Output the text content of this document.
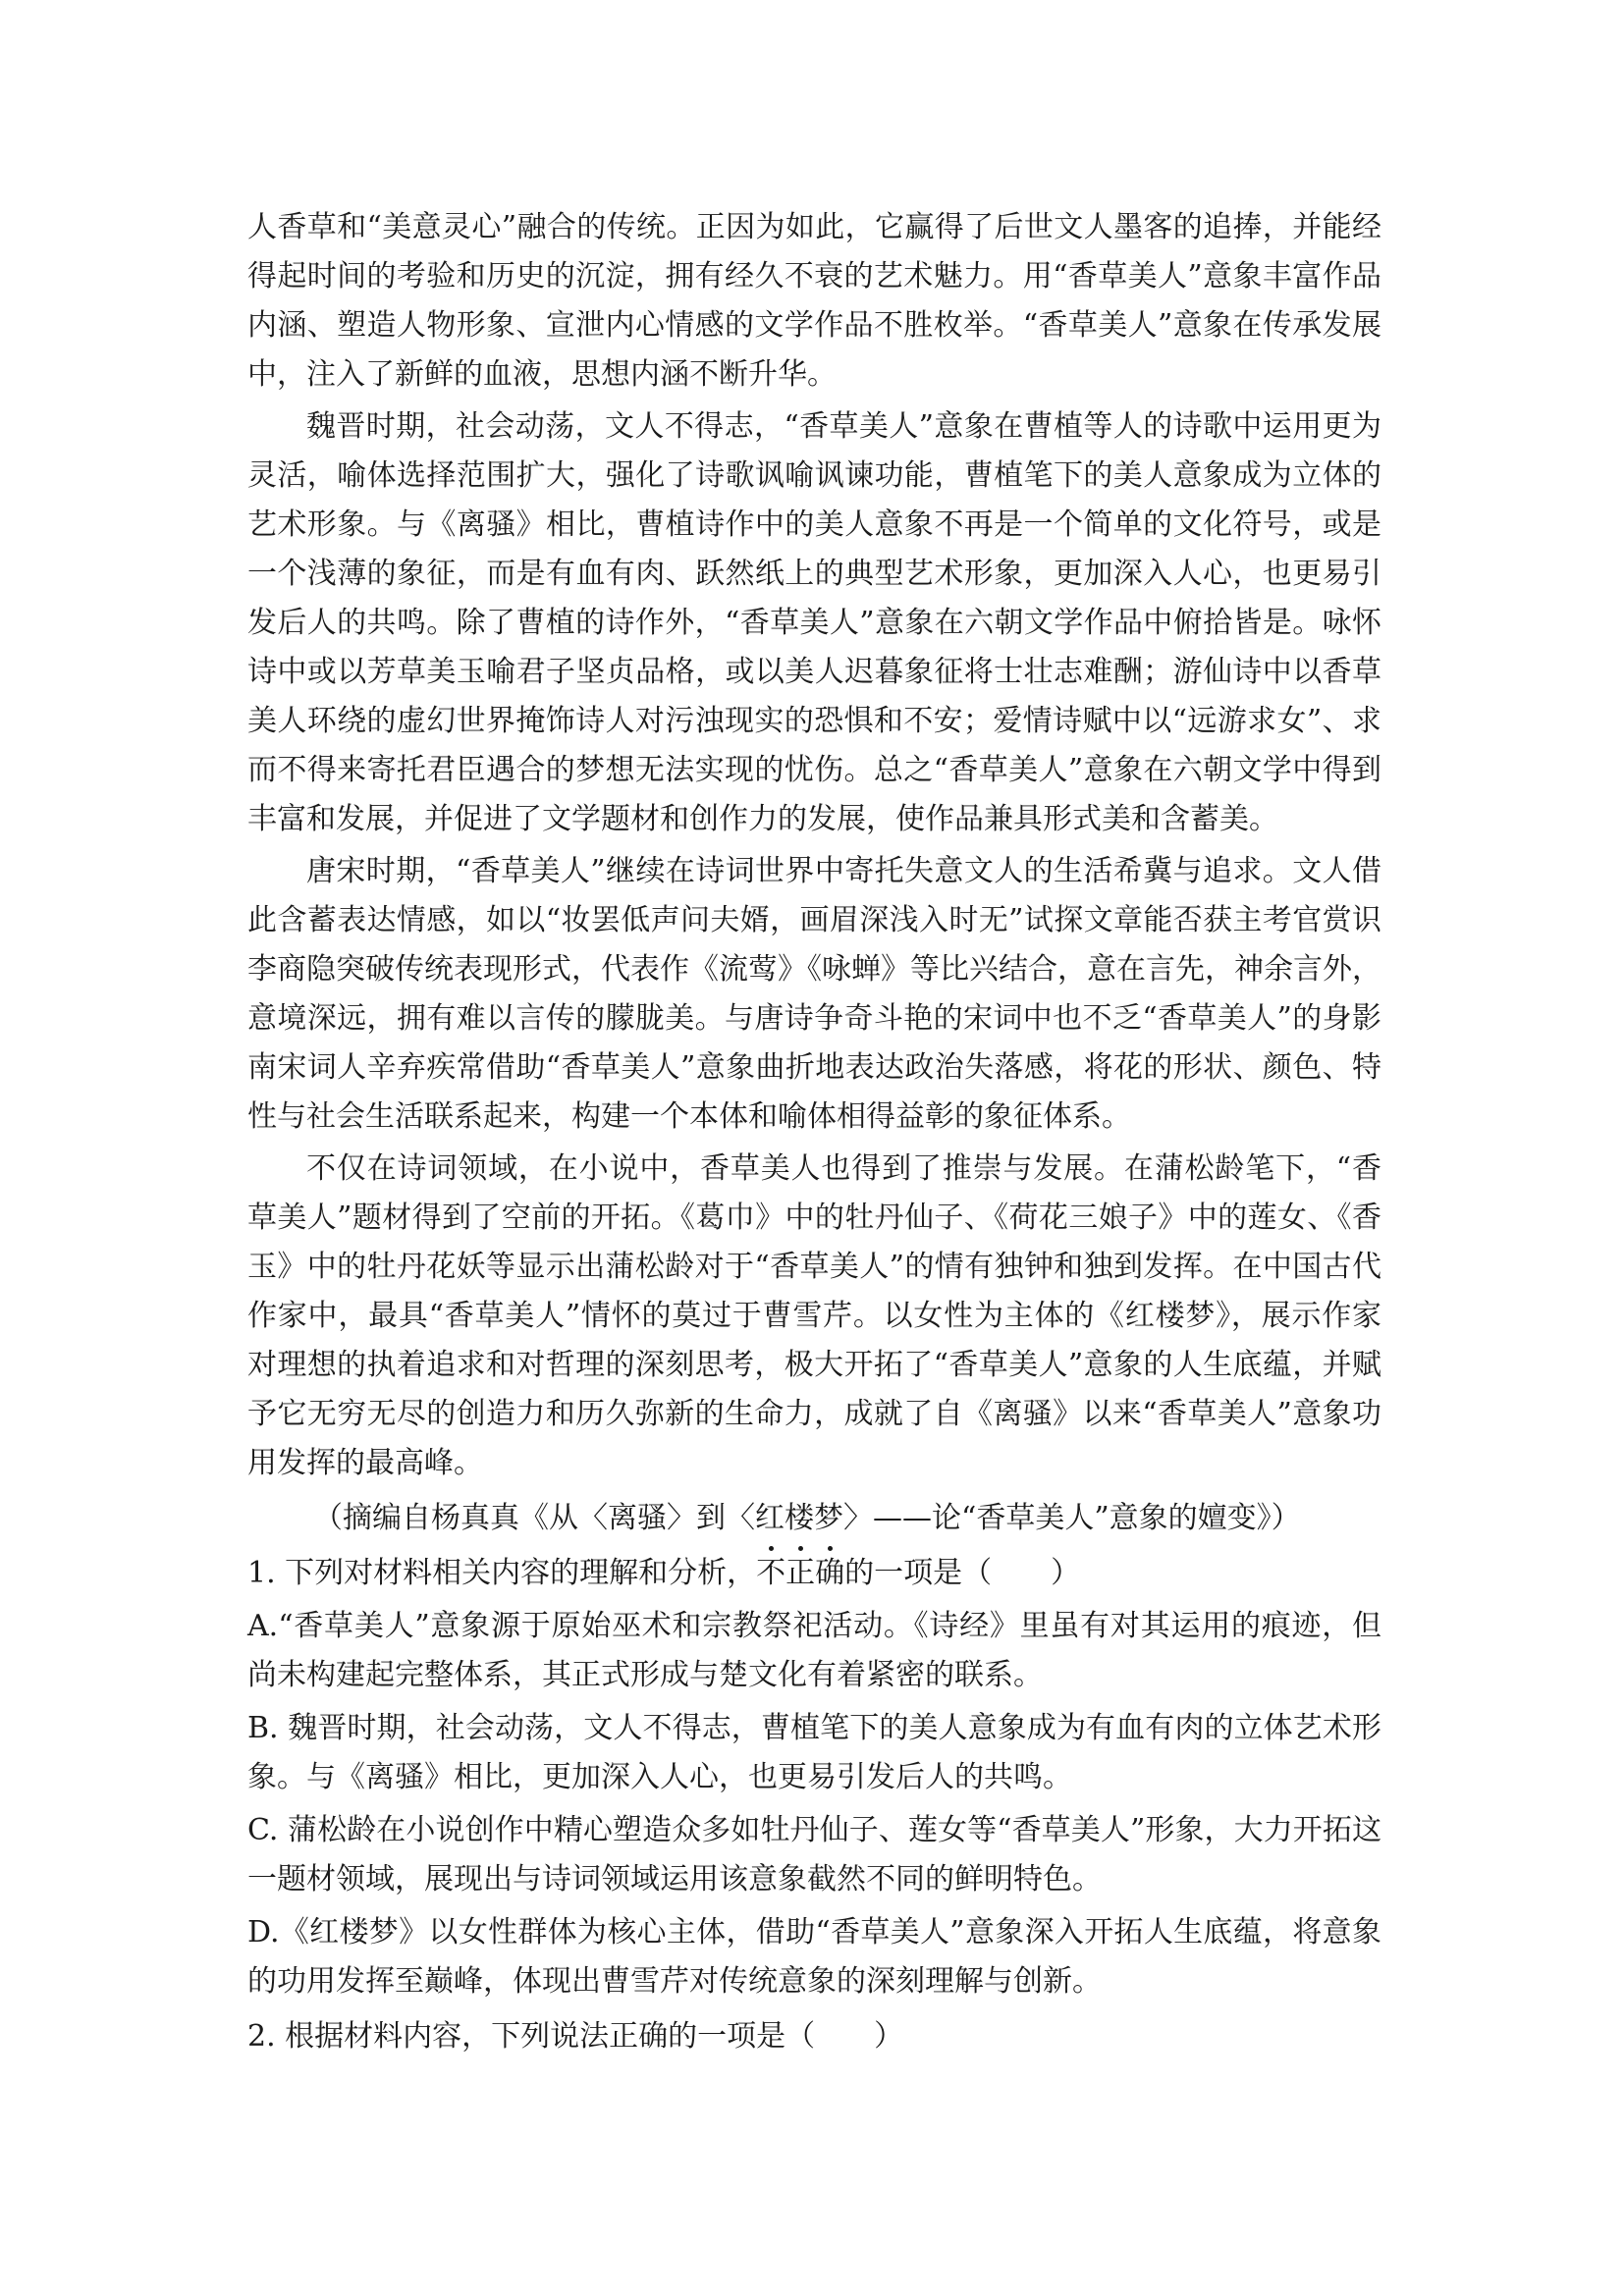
人香草和“美意灵心”融合的传统。正因为如此，它赢得了后世文人墨客的追捧，并能经得起时间的考验和历史的沉淀，拥有经久不衰的艺术魅力。用“香草美人”意象丰富作品内涵、塑造人物形象、宣泄内心情感的文学作品不胜枚举。“香草美人”意象在传承发展中，注入了新鲜的血液，思想内涵不断升华。

魏晋时期，社会动荡，文人不得志，“香草美人”意象在曹植等人的诗歌中运用更为灵活，喻体选择范围扩大，强化了诗歌讽喻讽谏功能，曹植笔下的美人意象成为立体的艺术形象。与《离骚》相比，曹植诗作中的美人意象不再是一个简单的文化符号，或是一个浅薄的象征，而是有血有肉、跃然纸上的典型艺术形象，更加深入人心，也更易引发后人的共鸣。除了曹植的诗作外，“香草美人”意象在六朝文学作品中俯拾皆是。咏怀诗中或以芳草美玉喻君子坚贞品格，或以美人迟暮象征将士壮志难酬；游仙诗中以香草美人环绕的虚幻世界掩饰诗人对污浊现实的恐惧和不安；爱情诗赋中以“远游求女”、求而不得来寄托君臣遇合的梦想无法实现的忧伤。总之“香草美人”意象在六朝文学中得到丰富和发展，并促进了文学题材和创作力的发展，使作品兼具形式美和含蓄美。

唐宋时期，“香草美人”继续在诗词世界中寄托失意文人的生活希冀与追求。文人借此含蓄表达情感，如以“妆罢低声问夫婿，画眉深浅入时无”试探文章能否获主考官赏识李商隐突破传统表现形式，代表作《流莺》《咏蝉》等比兴结合，意在言先，神余言外，意境深远，拥有难以言传的朦胧美。与唐诗争奇斗艳的宋词中也不乏“香草美人”的身影南宋词人辛弃疾常借助“香草美人”意象曲折地表达政治失落感，将花的形状、颜色、特性与社会生活联系起来，构建一个本体和喻体相得益彰的象征体系。

不仅在诗词领域，在小说中，香草美人也得到了推崇与发展。在蒲松龄笔下，“香草美人”题材得到了空前的开拓。《葛巾》中的牡丹仙子、《荷花三娘子》中的莲女、《香玉》中的牡丹花妖等显示出蒲松龄对于“香草美人”的情有独钟和独到发挥。在中国古代作家中，最具“香草美人”情怀的莫过于曹雪芹。以女性为主体的《红楼梦》，展示作家对理想的执着追求和对哲理的深刻思考，极大开拓了“香草美人”意象的人生底蕴，并赋予它无穷无尽的创造力和历久弥新的生命力，成就了自《离骚》以来“香草美人”意象功用发挥的最高峰。

（摘编自杨真真《从〈离骚〉到〈红楼梦〉——论“香草美人”意象的嬗变》）

1. 下列对材料相关内容的理解和分析，不正确的一项是（ ）

A.“香草美人”意象源于原始巫术和宗教祭祀活动。《诗经》里虽有对其运用的痕迹，但尚未构建起完整体系，其正式形成与楚文化有着紧密的联系。

B. 魏晋时期，社会动荡，文人不得志，曹植笔下的美人意象成为有血有肉的立体艺术形象。与《离骚》相比，更加深入人心，也更易引发后人的共鸣。

C. 蒲松龄在小说创作中精心塑造众多如牡丹仙子、莲女等“香草美人”形象，大力开拓这一题材领域，展现出与诗词领域运用该意象截然不同的鲜明特色。

D.《红楼梦》以女性群体为核心主体，借助“香草美人”意象深入开拓人生底蕴，将意象的功用发挥至巅峰，体现出曹雪芹对传统意象的深刻理解与创新。

2. 根据材料内容，下列说法正确的一项是（ ）
